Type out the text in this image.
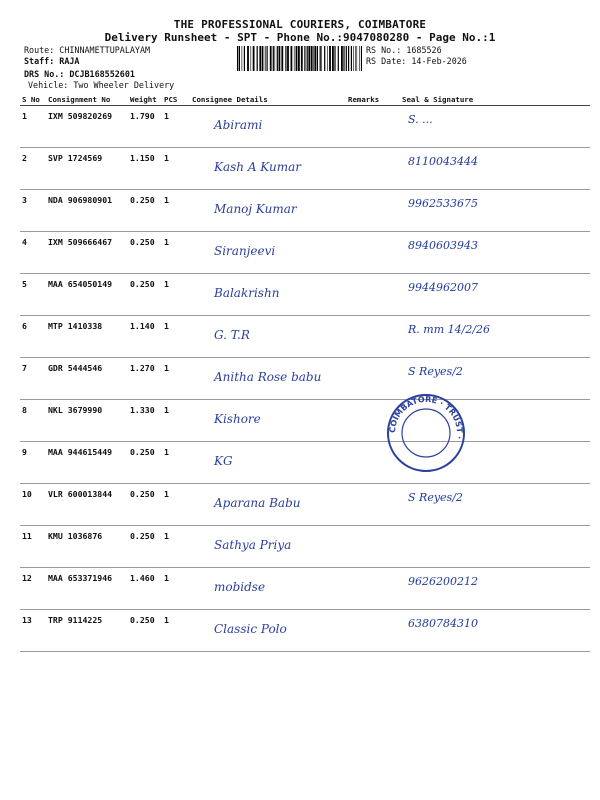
THE PROFESSIONAL COURIERS, COIMBATORE
Delivery Runsheet - SPT - Phone No.:9047080280 - Page No.:1
Route: CHINNAMETTUPALAYAM
Staff: RAJA
DRS No.: DCJB168552601
Vehicle: Two Wheeler Delivery
RS No.: 1685526
RS Date: 14-Feb-2026
S No	Consignment No	Weight	PCS	Consignee Details	Remarks	Seal & Signature
1	IXM 509820269	1.790	1	Abirami		S. ...

2	SVP 1724569	1.150	1	Kash A Kumar		8110043444

3	NDA 906980901	0.250	1	Manoj Kumar		9962533675

4	IXM 509666467	0.250	1	Siranjeevi		8940603943

5	MAA 654050149	0.250	1	Balakrishn		9944962007

6	MTP 1410338	1.140	1	G. T.R		R. mm 14/2/26

7	GDR 5444546	1.270	1	Anitha Rose babu		S Reyes/2

8	NKL 3679990	1.330	1	Kishore		

9	MAA 944615449	0.250	1	KG		

10	VLR 600013844	0.250	1	Aparana Babu		S Reyes/2

11	KMU 1036876	0.250	1	Sathya Priya		

12	MAA 653371946	1.460	1	mobidse		9626200212

13	TRP 9114225	0.250	1	Classic Polo		6380784310
COIMBATORE · TRUST ·
